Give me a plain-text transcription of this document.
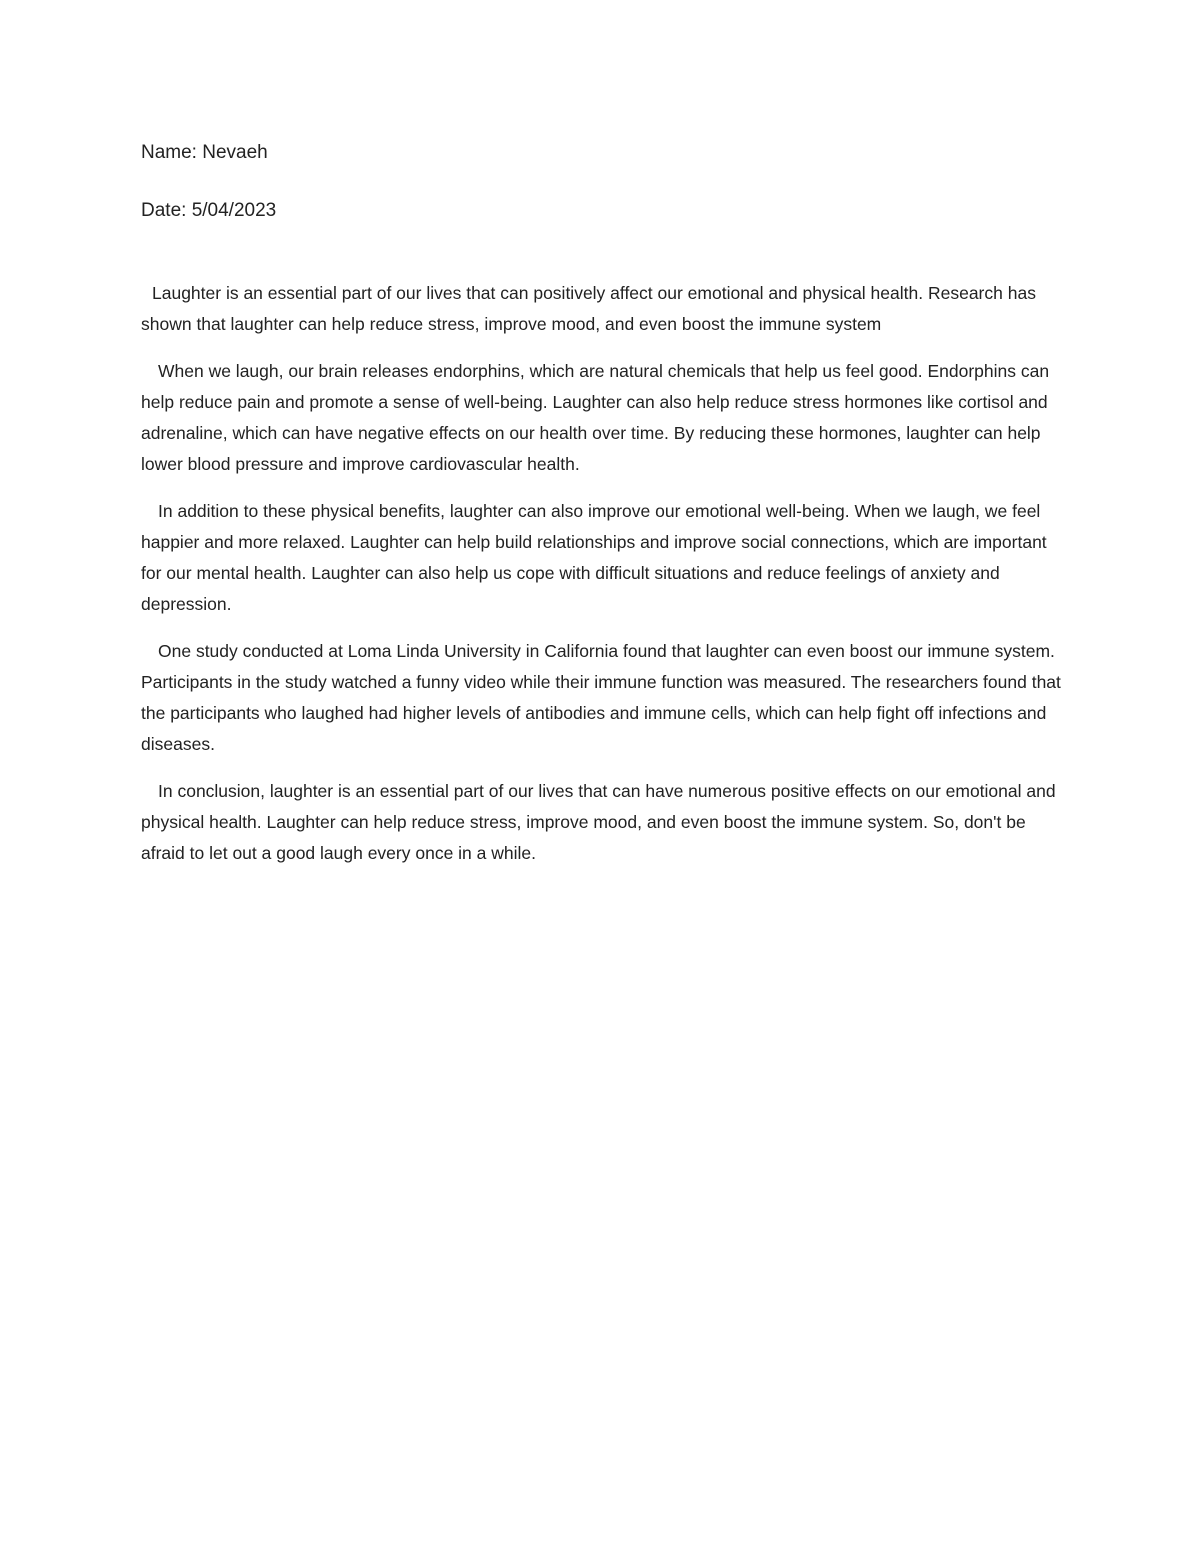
Name: Nevaeh

Date: 5/04/2023

Laughter is an essential part of our lives that can positively affect our emotional and physical health. Research has shown that laughter can help reduce stress, improve mood, and even boost the immune system

When we laugh, our brain releases endorphins, which are natural chemicals that help us feel good. Endorphins can help reduce pain and promote a sense of well-being. Laughter can also help reduce stress hormones like cortisol and adrenaline, which can have negative effects on our health over time. By reducing these hormones, laughter can help lower blood pressure and improve cardiovascular health.

In addition to these physical benefits, laughter can also improve our emotional well-being. When we laugh, we feel happier and more relaxed. Laughter can help build relationships and improve social connections, which are important for our mental health. Laughter can also help us cope with difficult situations and reduce feelings of anxiety and depression.

One study conducted at Loma Linda University in California found that laughter can even boost our immune system. Participants in the study watched a funny video while their immune function was measured. The researchers found that the participants who laughed had higher levels of antibodies and immune cells, which can help fight off infections and diseases.

In conclusion, laughter is an essential part of our lives that can have numerous positive effects on our emotional and physical health. Laughter can help reduce stress, improve mood, and even boost the immune system. So, don't be afraid to let out a good laugh every once in a while.
